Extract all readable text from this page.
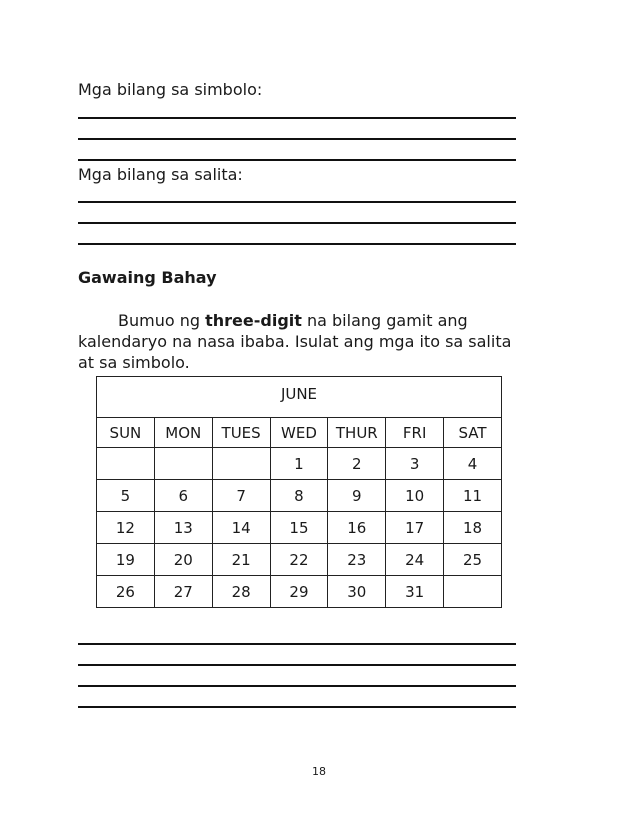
Mga bilang sa simbolo:

Mga bilang sa salita:

Gawaing Bahay

Bumuo ng three-digit na bilang gamit ang kalendaryo na nasa ibaba. Isulat ang mga ito sa salita at sa simbolo.

JUNE						

SUN	MON	TUES	WED	THUR	FRI	SAT
			1	2	3	4
5	6	7	8	9	10	11
12	13	14	15	16	17	18
19	20	21	22	23	24	25
26	27	28	29	30	31	

18
